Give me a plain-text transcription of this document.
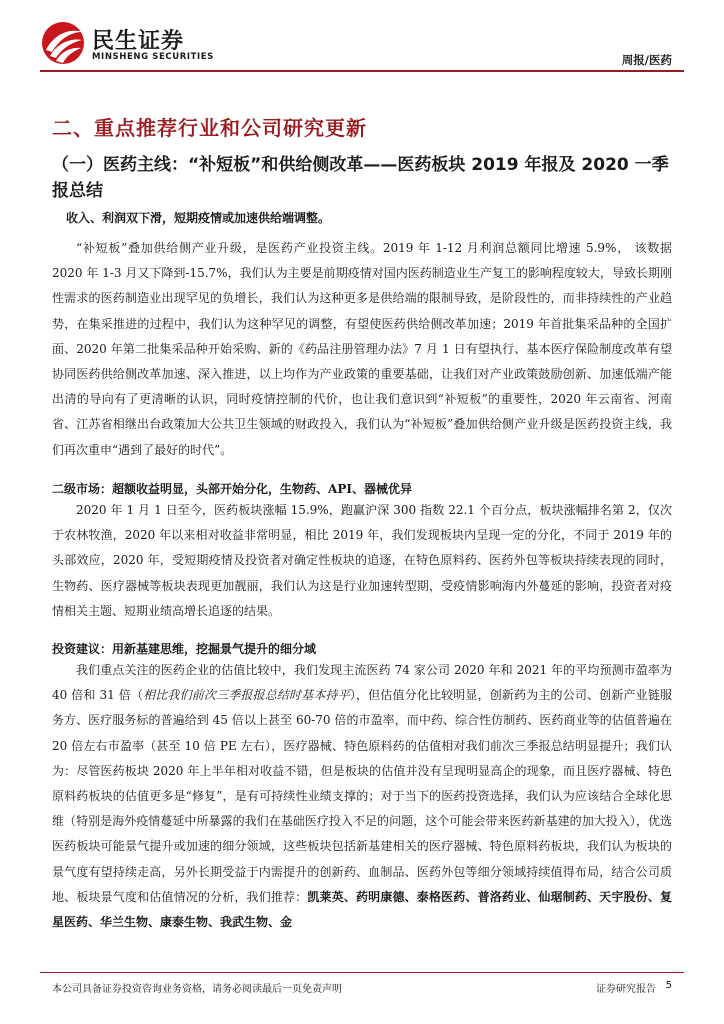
民生证券
MINSHENG SECURITIES	周报/医药
二、重点推荐行业和公司研究更新
（一）医药主线：“补短板”和供给侧改革——医药板块 2019 年报及 2020 一季报总结
收入、利润双下滑，短期疫情或加速供给端调整。
“补短板”叠加供给侧产业升级，是医药产业投资主线。2019 年 1-12 月利润总额同比增速 5.9%， 该数据 2020 年 1-3 月又下降到-15.7%，我们认为主要是前期疫情对国内医药制造业生产复工的影响程度较大，导致长期刚性需求的医药制造业出现罕见的负增长，我们认为这种更多是供给端的限制导致，是阶段性的，而非持续性的产业趋势，在集采推进的过程中，我们认为这种罕见的调整，有望使医药供给侧改革加速；2019 年首批集采品种的全国扩面、2020 年第二批集采品种开始采购、新的《药品注册管理办法》7 月 1 日有望执行、基本医疗保险制度改革有望协同医药供给侧改革加速、深入推进，以上均作为产业政策的重要基础，让我们对产业政策鼓励创新、加速低端产能出清的导向有了更清晰的认识，同时疫情控制的代价，也让我们意识到“补短板”的重要性，2020 年云南省、河南省、江苏省相继出台政策加大公共卫生领域的财政投入，我们认为“补短板”叠加供给侧产业升级是医药投资主线，我们再次重申“遇到了最好的时代”。
二级市场：超额收益明显，头部开始分化，生物药、API、器械优异
2020 年 1 月 1 日至今，医药板块涨幅 15.9%，跑赢沪深 300 指数 22.1 个百分点，板块涨幅排名第 2，仅次于农林牧渔，2020 年以来相对收益非常明显，相比 2019 年，我们发现板块内呈现一定的分化，不同于 2019 年的头部效应，2020 年，受短期疫情及投资者对确定性板块的追逐，在特色原料药、医药外包等板块持续表现的同时，生物药、医疗器械等板块表现更加靓丽，我们认为这是行业加速转型期，受疫情影响海内外蔓延的影响，投资者对疫情相关主题、短期业绩高增长追逐的结果。
投资建议：用新基建思维，挖掘景气提升的细分域
我们重点关注的医药企业的估值比较中，我们发现主流医药 74 家公司 2020 年和 2021 年的平均预测市盈率为 40 倍和 31 倍（相比我们前次三季报报总结时基本持平），但估值分化比较明显，创新药为主的公司、创新产业链服务方、医疗服务标的普遍给到 45 倍以上甚至 60-70 倍的市盈率，而中药、综合性仿制药、医药商业等的估值普遍在 20 倍左右市盈率（甚至 10 倍 PE 左右），医疗器械、特色原料药的估值相对我们前次三季报总结明显提升；我们认为：尽管医药板块 2020 年上半年相对收益不错，但是板块的估值并没有呈现明显高企的现象，而且医疗器械、特色原料药板块的估值更多是“修复”，是有可持续性业绩支撑的；对于当下的医药投资选择，我们认为应该结合全球化思维（特别是海外疫情蔓延中所暴露的我们在基础医疗投入不足的问题，这个可能会带来医药新基建的加大投入），优选医药板块可能景气提升或加速的细分领域，这些板块包括新基建相关的医疗器械、特色原料药板块，我们认为板块的景气度有望持续走高，另外长期受益于内需提升的创新药、血制品、医药外包等细分领域持续值得布局，结合公司质地、板块景气度和估值情况的分析，我们推荐：凯莱英、药明康德、泰格医药、普洛药业、仙琚制药、天宇股份、复星医药、华兰生物、康泰生物、我武生物、金
本公司具备证券投资咨询业务资格，请务必阅读最后一页免责声明	证券研究报告 5
